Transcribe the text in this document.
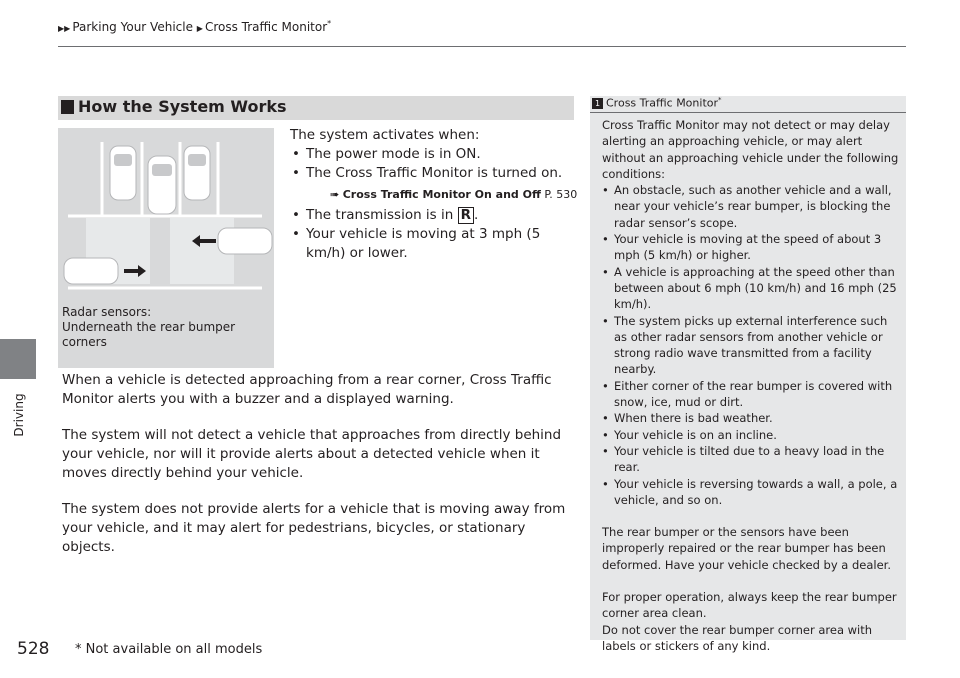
▶▶ Parking Your Vehicle ▶ Cross Traffic Monitor*
Driving
How the System Works
Radar sensors:
Underneath the rear bumper corners
The system activates when:
• The power mode is in ON.
• The Cross Traffic Monitor is turned on.
➠ Cross Traffic Monitor On and Off P. 530
• The transmission is in R .
• Your vehicle is moving at 3 mph (5 km/h) or lower.

When a vehicle is detected approaching from a rear corner, Cross Traffic Monitor alerts you with a buzzer and a displayed warning.

The system will not detect a vehicle that approaches from directly behind your vehicle, nor will it provide alerts about a detected vehicle when it moves directly behind your vehicle.

The system does not provide alerts for a vehicle that is moving away from your vehicle, and it may alert for pedestrians, bicycles, or stationary objects.

1 Cross Traffic Monitor*

Cross Traffic Monitor may not detect or may delay alerting an approaching vehicle, or may alert without an approaching vehicle under the following conditions:

• An obstacle, such as another vehicle and a wall, near your vehicle’s rear bumper, is blocking the radar sensor’s scope.
• Your vehicle is moving at the speed of about 3 mph (5 km/h) or higher.
• A vehicle is approaching at the speed other than between about 6 mph (10 km/h) and 16 mph (25 km/h).
• The system picks up external interference such as other radar sensors from another vehicle or strong radio wave transmitted from a facility nearby.
• Either corner of the rear bumper is covered with snow, ice, mud or dirt.
• When there is bad weather.
• Your vehicle is on an incline.
• Your vehicle is tilted due to a heavy load in the rear.
• Your vehicle is reversing towards a wall, a pole, a vehicle, and so on.

The rear bumper or the sensors have been improperly repaired or the rear bumper has been deformed. Have your vehicle checked by a dealer.

For proper operation, always keep the rear bumper corner area clean.

Do not cover the rear bumper corner area with labels or stickers of any kind.

528 * Not available on all models
